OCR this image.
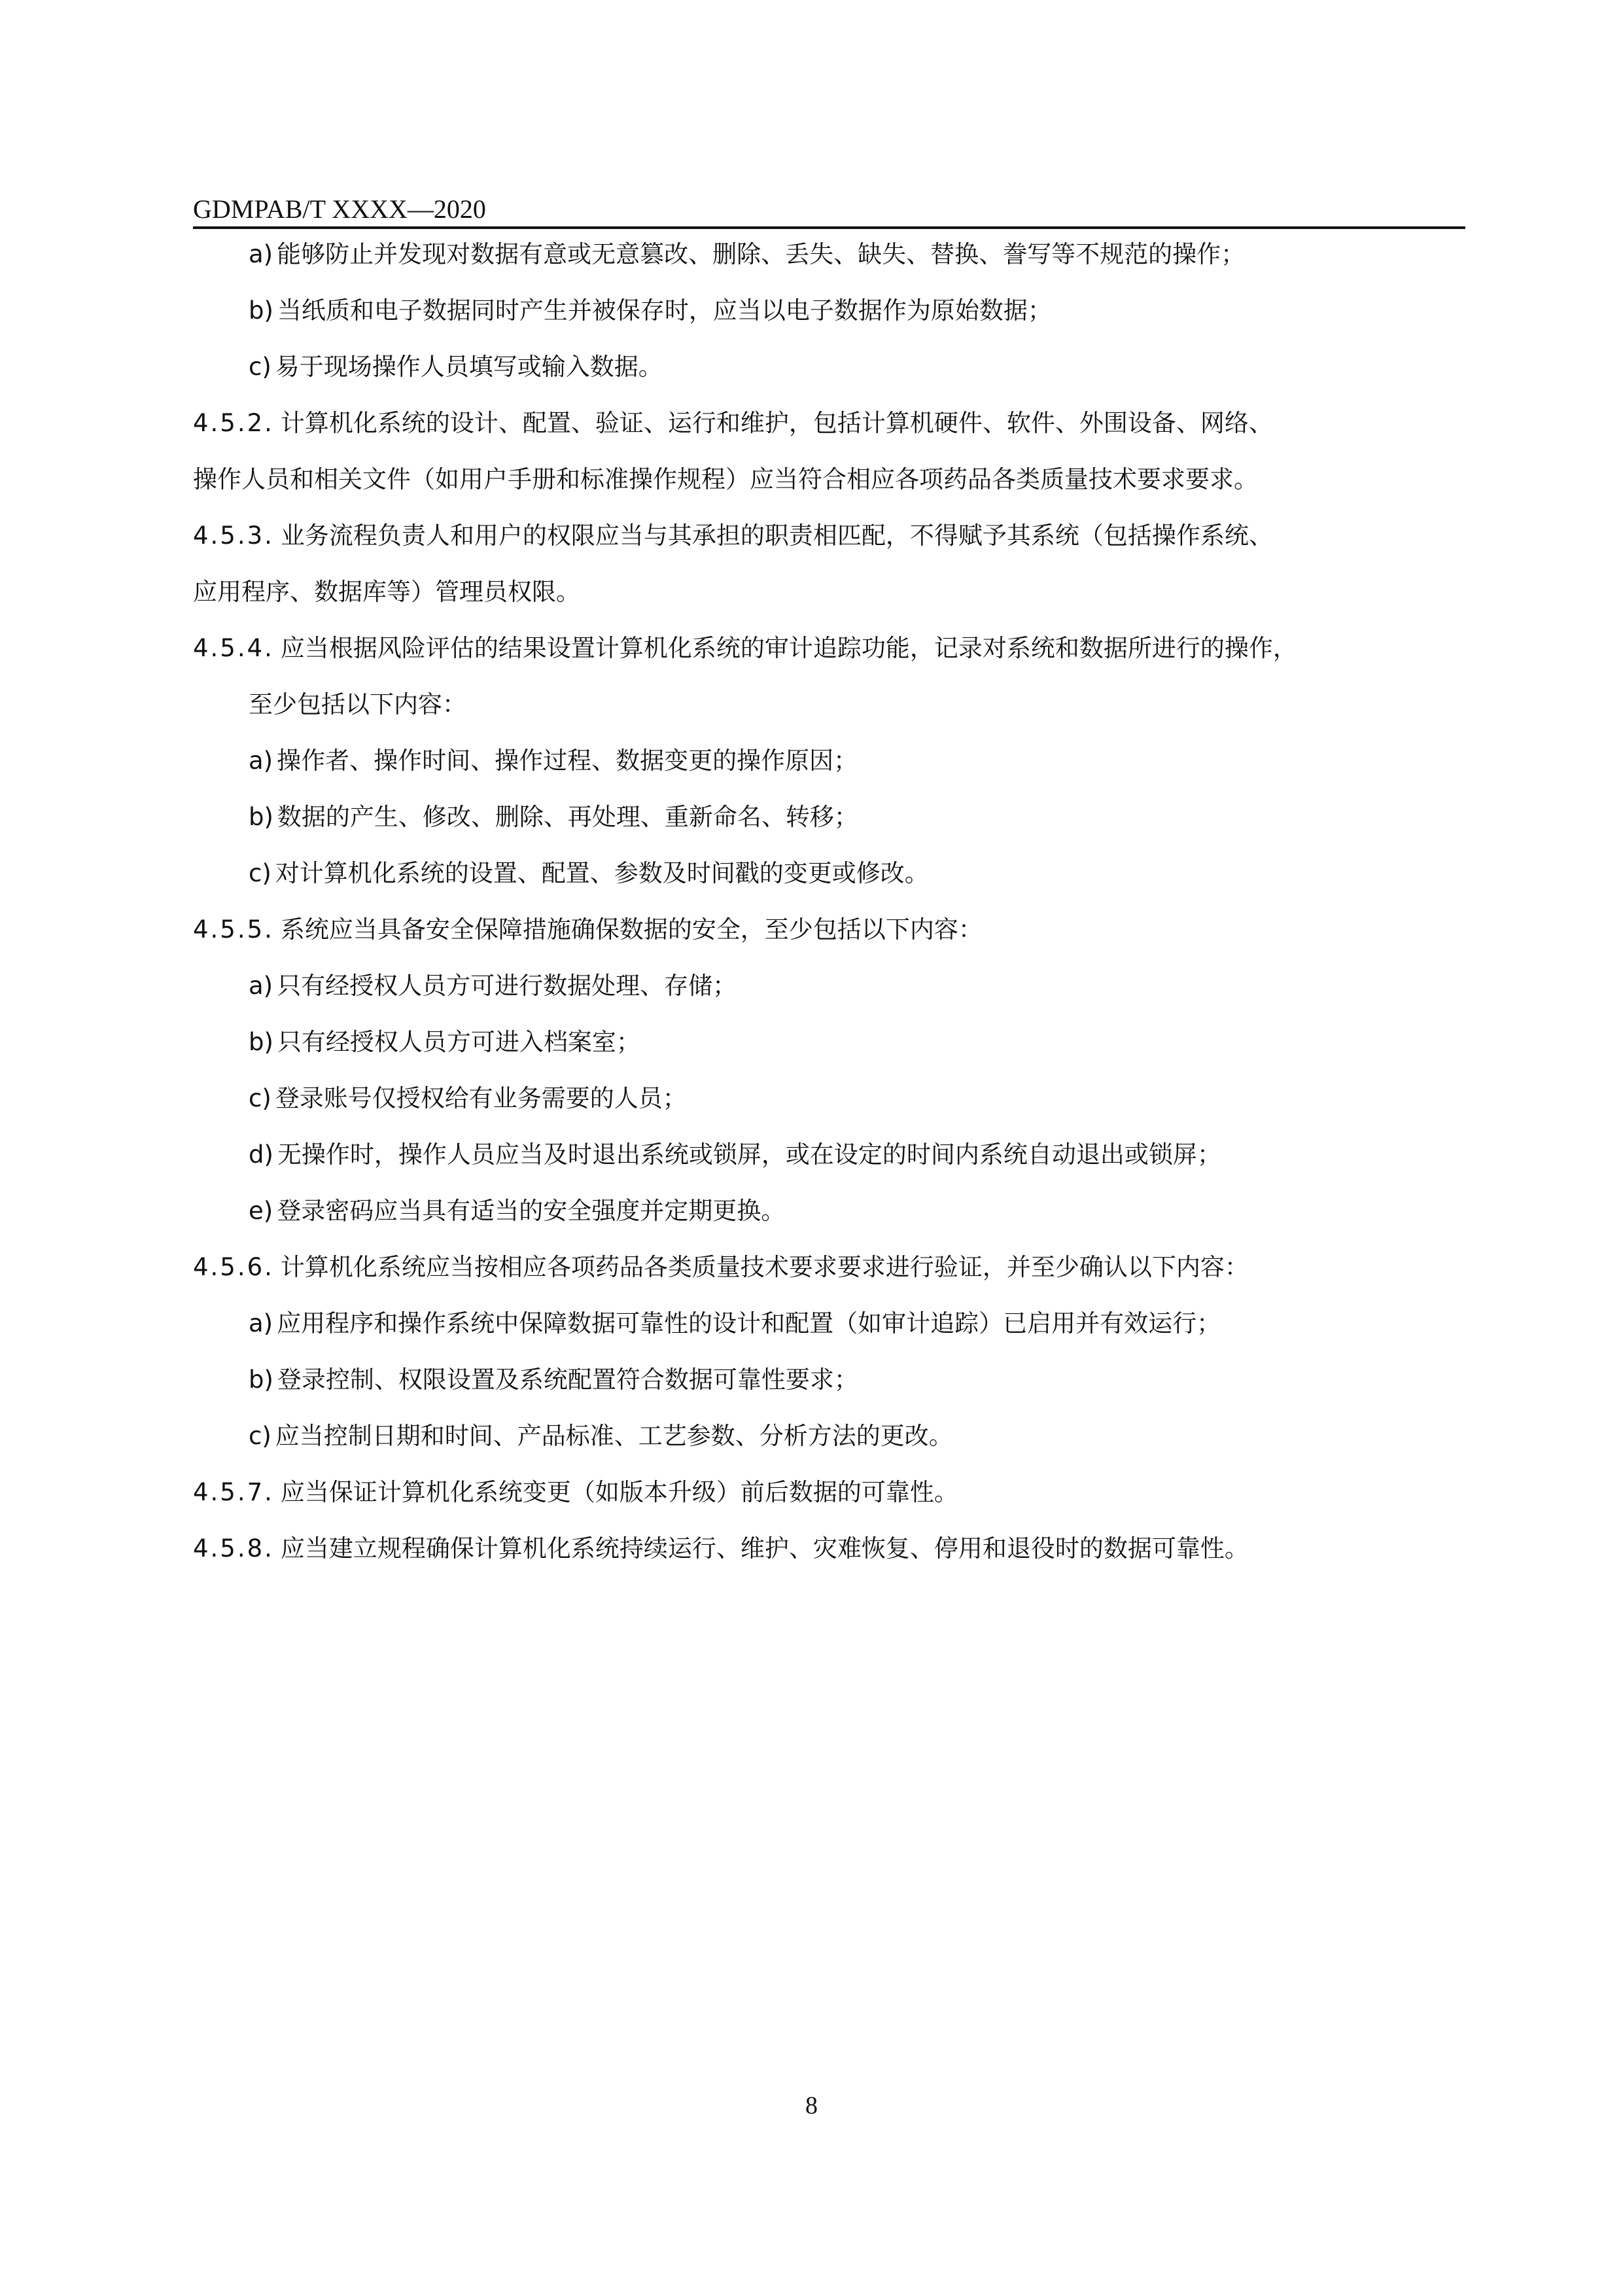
GDMPAB/T XXXX—2020
a) 能够防止并发现对数据有意或无意篡改、删除、丢失、缺失、替换、誊写等不规范的操作；
b) 当纸质和电子数据同时产生并被保存时，应当以电子数据作为原始数据；
c) 易于现场操作人员填写或输入数据。
4.5.2. 计算机化系统的设计、配置、验证、运行和维护，包括计算机硬件、软件、外围设备、网络、
操作人员和相关文件（如用户手册和标准操作规程）应当符合相应各项药品各类质量技术要求要求。
4.5.3. 业务流程负责人和用户的权限应当与其承担的职责相匹配，不得赋予其系统（包括操作系统、
应用程序、数据库等）管理员权限。
4.5.4. 应当根据风险评估的结果设置计算机化系统的审计追踪功能，记录对系统和数据所进行的操作，
至少包括以下内容：
a) 操作者、操作时间、操作过程、数据变更的操作原因；
b) 数据的产生、修改、删除、再处理、重新命名、转移；
c) 对计算机化系统的设置、配置、参数及时间戳的变更或修改。
4.5.5. 系统应当具备安全保障措施确保数据的安全，至少包括以下内容：
a) 只有经授权人员方可进行数据处理、存储；
b) 只有经授权人员方可进入档案室；
c) 登录账号仅授权给有业务需要的人员；
d) 无操作时，操作人员应当及时退出系统或锁屏，或在设定的时间内系统自动退出或锁屏；
e) 登录密码应当具有适当的安全强度并定期更换。
4.5.6. 计算机化系统应当按相应各项药品各类质量技术要求要求进行验证，并至少确认以下内容：
a) 应用程序和操作系统中保障数据可靠性的设计和配置（如审计追踪）已启用并有效运行；
b) 登录控制、权限设置及系统配置符合数据可靠性要求；
c) 应当控制日期和时间、产品标准、工艺参数、分析方法的更改。
4.5.7. 应当保证计算机化系统变更（如版本升级）前后数据的可靠性。
4.5.8. 应当建立规程确保计算机化系统持续运行、维护、灾难恢复、停用和退役时的数据可靠性。
8
